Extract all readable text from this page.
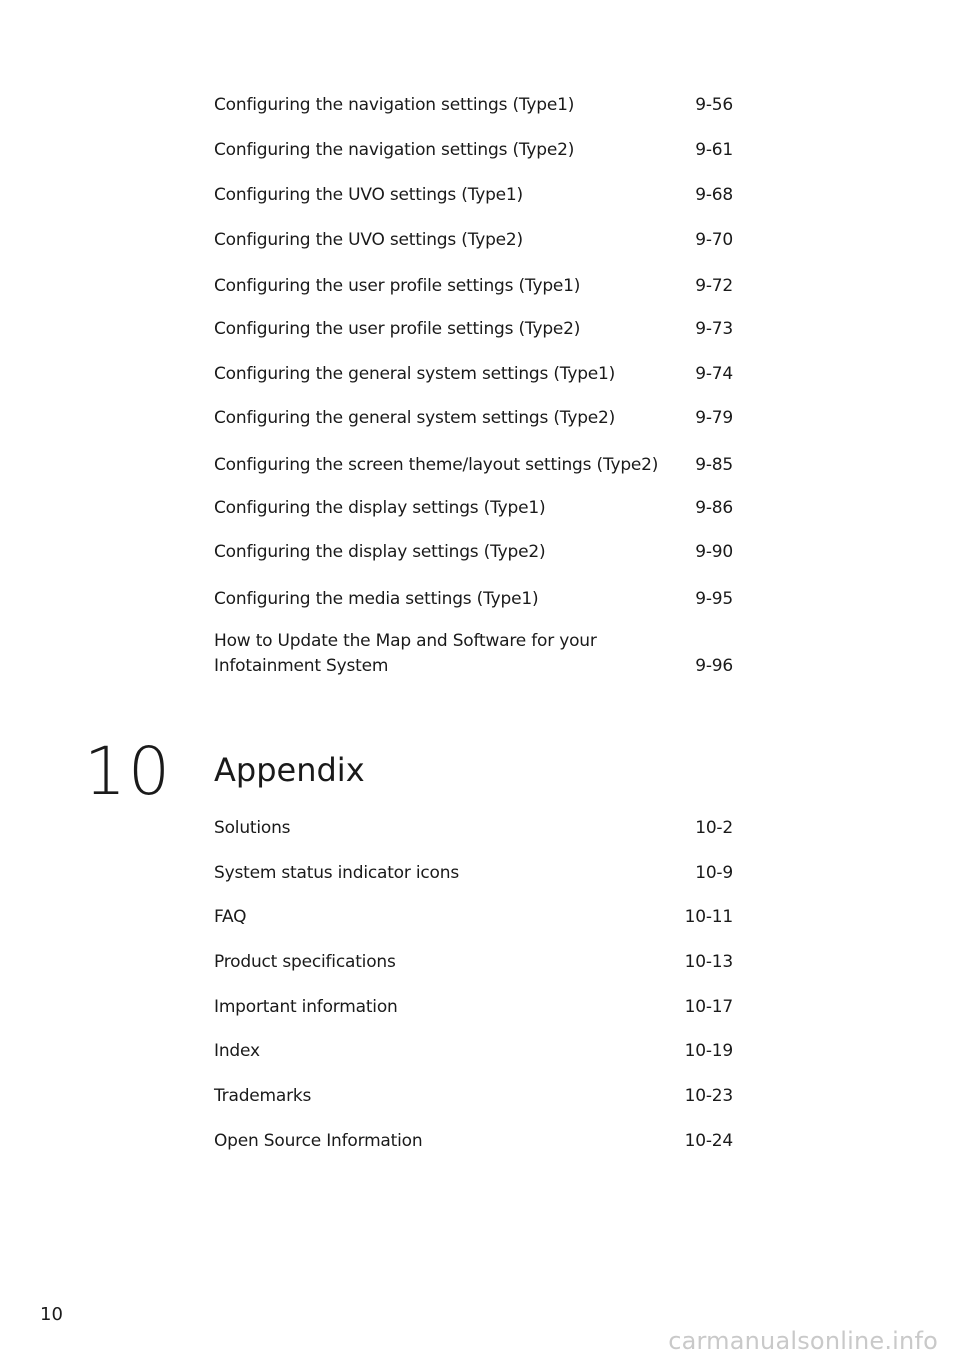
Configuring the navigation settings (Type1)	9-56
Configuring the navigation settings (Type2)	9-61
Configuring the UVO settings (Type1)	9-68
Configuring the UVO settings (Type2)	9-70
Configuring the user profile settings (Type1)	9-72
Configuring the user profile settings (Type2)	9-73
Configuring the general system settings (Type1)	9-74
Configuring the general system settings (Type2)	9-79
Configuring the screen theme/layout settings (Type2) 9-85
Configuring the display settings (Type1)	9-86
Configuring the display settings (Type2)	9-90
Configuring the media settings (Type1)	9-95
How to Update the Map and Software for your
Infotainment System	9-96
10 Appendix
Solutions	10-2
System status indicator icons	10-9
FAQ	10-11
Product specifications	10-13
Important information	10-17
Index	10-19
Trademarks	10-23
Open Source Information	10-24
10
carmanualsonline.info
